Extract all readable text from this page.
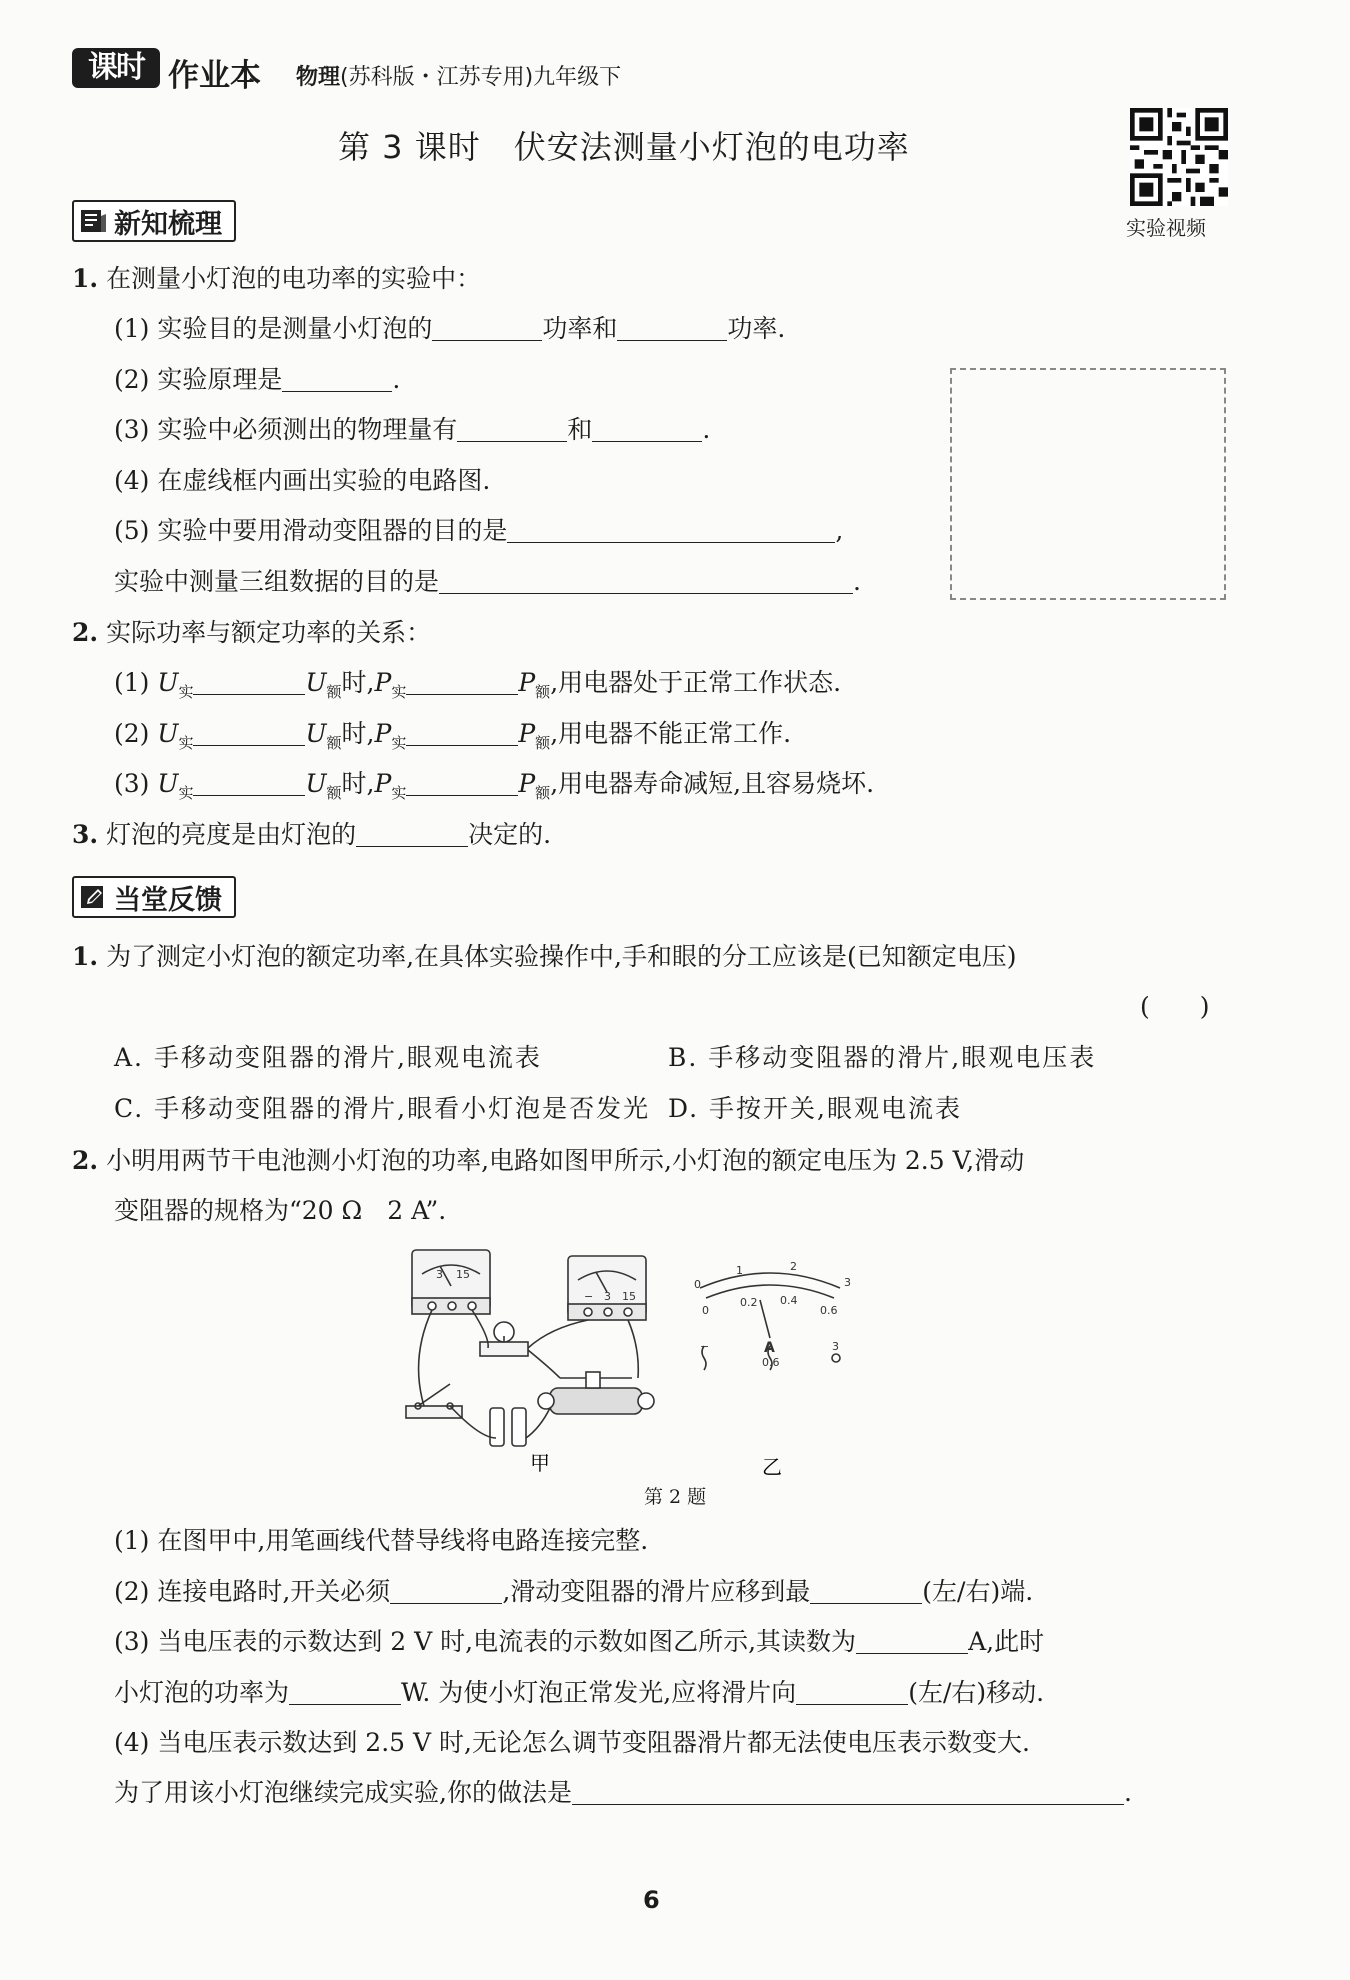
课时 作业本 物理(苏科版・江苏专用)九年级下
第 3 课时　伏安法测量小灯泡的电功率
实验视频
新知梳理
1. 在测量小灯泡的电功率的实验中：
(1) 实验目的是测量小灯泡的	功率和	功率.
(2) 实验原理是	.
(3) 实验中必须测出的物理量有	和	.
(4) 在虚线框内画出实验的电路图.
(5) 实验中要用滑动变阻器的目的是	,
实验中测量三组数据的目的是	.
2. 实际功率与额定功率的关系：
(1) $U_实$	$U_额$时$,P_实$	$P_额$,用电器处于正常工作状态.
(2) $U_实$	$U_额$时$,P_实$	$P_额$,用电器不能正常工作.
(3) $U_实$	$U_额$时$,P_实$	$P_额$,用电器寿命减短,且容易烧坏.
3. 灯泡的亮度是由灯泡的	决定的.
当堂反馈
1. 为了测定小灯泡的额定功率,在具体实验操作中,手和眼的分工应该是(已知额定电压)
(　　)
A. 手移动变阻器的滑片,眼观电流表	B. 手移动变阻器的滑片,眼观电压表
C. 手移动变阻器的滑片,眼看小灯泡是否发光 D. 手按开关,眼观电流表
2. 小明用两节干电池测小灯泡的功率,电路如图甲所示,小灯泡的额定电压为 2.5 V,滑动
变阻器的规格为“20 Ω　2 A”.
3 15
− 3 15
0
1	2
3
0
0.2 0.4
0.6
A
−
0.6
3
甲	乙
第 2 题
(1) 在图甲中,用笔画线代替导线将电路连接完整.
(2) 连接电路时,开关必须	,滑动变阻器的滑片应移到最	(左/右)端.
(3) 当电压表的示数达到 2 V 时,电流表的示数如图乙所示,其读数为	A,此时
小灯泡的功率为	W. 为使小灯泡正常发光,应将滑片向	(左/右)移动.
(4) 当电压表示数达到 2.5 V 时,无论怎么调节变阻器滑片都无法使电压表示数变大.
为了用该小灯泡继续完成实验,你的做法是	.
6
